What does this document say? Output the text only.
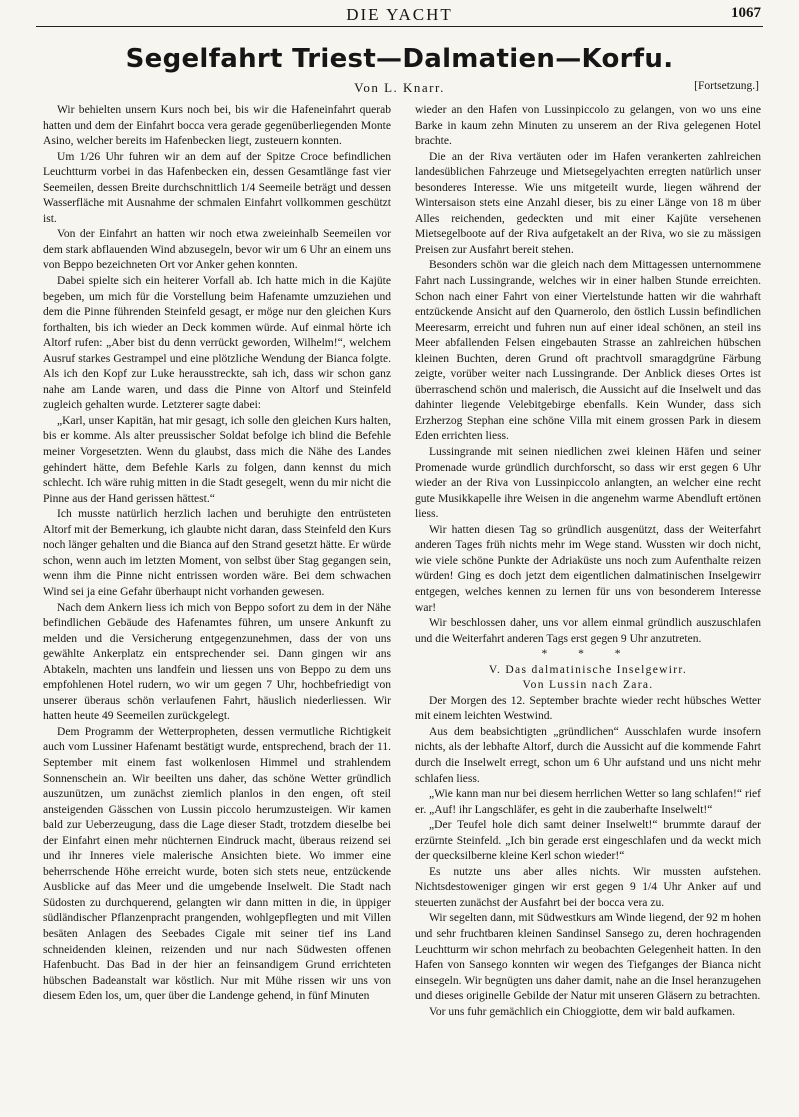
DIE YACHT	1067
Segelfahrt Triest—Dalmatien—Korfu.
Von L. Knarr.	[Fortsetzung.]

Wir behielten unsern Kurs noch bei, bis wir die Hafeneinfahrt querab hatten und dem der Einfahrt bocca vera gerade gegenüberliegenden Monte Asino, welcher bereits im Hafenbecken liegt, zusteuern konnten.

Um 1/26 Uhr fuhren wir an dem auf der Spitze Croce befindlichen Leuchtturm vorbei in das Hafenbecken ein, dessen Gesamtlänge fast vier Seemeilen, dessen Breite durchschnittlich 1/4 Seemeile beträgt und dessen Wasserfläche mit Ausnahme der schmalen Einfahrt vollkommen geschützt ist.

Von der Einfahrt an hatten wir noch etwa zweieinhalb Seemeilen vor dem stark abflauenden Wind abzusegeln, bevor wir um 6 Uhr an einem uns von Beppo bezeichneten Ort vor Anker gehen konnten.

Dabei spielte sich ein heiterer Vorfall ab. Ich hatte mich in die Kajüte begeben, um mich für die Vorstellung beim Hafenamte umzuziehen und dem die Pinne führenden Steinfeld gesagt, er möge nur den gleichen Kurs forthalten, bis ich wieder an Deck kommen würde. Auf einmal hörte ich Altorf rufen: „Aber bist du denn verrückt geworden, Wilhelm!“, welchem Ausruf starkes Gestrampel und eine plötzliche Wendung der Bianca folgte. Als ich den Kopf zur Luke herausstreckte, sah ich, dass wir schon ganz nahe am Lande waren, und dass die Pinne von Altorf und Steinfeld zugleich gehalten wurde. Letzterer sagte dabei:

„Karl, unser Kapitän, hat mir gesagt, ich solle den gleichen Kurs halten, bis er komme. Als alter preussischer Soldat befolge ich blind die Befehle meiner Vorgesetzten. Wenn du glaubst, dass mich die Nähe des Landes gehindert hätte, dem Befehle Karls zu folgen, dann kennst du mich schlecht. Ich wäre ruhig mitten in die Stadt gesegelt, wenn du mir nicht die Pinne aus der Hand gerissen hättest.“

Ich musste natürlich herzlich lachen und beruhigte den entrüsteten Altorf mit der Bemerkung, ich glaubte nicht daran, dass Steinfeld den Kurs noch länger gehalten und die Bianca auf den Strand gesetzt hätte. Er würde schon, wenn auch im letzten Moment, von selbst über Stag gegangen sein, wenn ihm die Pinne nicht entrissen worden wäre. Bei dem schwachen Wind sei ja eine Gefahr überhaupt nicht vorhanden gewesen.

Nach dem Ankern liess ich mich von Beppo sofort zu dem in der Nähe befindlichen Gebäude des Hafenamtes führen, um unsere Ankunft zu melden und die Versicherung entgegenzunehmen, dass der von uns gewählte Ankerplatz ein entsprechender sei. Dann gingen wir ans Abtakeln, machten uns landfein und liessen uns von Beppo zu dem uns empfohlenen Hotel rudern, wo wir um gegen 7 Uhr, hochbefriedigt von unserer überaus schön verlaufenen Fahrt, häuslich niederliessen. Wir hatten heute 49 Seemeilen zurückgelegt.

Dem Programm der Wetterpropheten, dessen vermutliche Richtigkeit auch vom Lussiner Hafenamt bestätigt wurde, entsprechend, brach der 11. September mit einem fast wolkenlosen Himmel und strahlendem Sonnenschein an. Wir beeilten uns daher, das schöne Wetter gründlich auszunützen, um zunächst ziemlich planlos in den engen, oft steil ansteigenden Gässchen von Lussin piccolo herumzusteigen. Wir kamen bald zur Ueberzeugung, dass die Lage dieser Stadt, trotzdem dieselbe bei der Einfahrt einen mehr nüchternen Eindruck macht, überaus reizend sei und ihr Inneres viele malerische Ansichten biete. Wo immer eine beherrschende Höhe erreicht wurde, boten sich stets neue, entzückende Ausblicke auf das Meer und die umgebende Inselwelt. Die Stadt nach Südosten zu durchquerend, gelangten wir dann mitten in die, in üppiger südländischer Pflanzenpracht prangenden, wohlgepflegten und mit Villen besäten Anlagen des Seebades Cigale mit seiner tief ins Land schneidenden kleinen, reizenden und nur nach Südwesten offenen Hafenbucht. Das Bad in der hier an feinsandigem Grund errichteten hübschen Badeanstalt war köstlich. Nur mit Mühe rissen wir uns von diesem Eden los, um, quer über die Landenge gehend, in fünf Minuten

wieder an den Hafen von Lussinpiccolo zu gelangen, von wo uns eine Barke in kaum zehn Minuten zu unserem an der Riva gelegenen Hotel brachte.

Die an der Riva vertäuten oder im Hafen verankerten zahlreichen landesüblichen Fahrzeuge und Mietsegelyachten erregten natürlich unser besonderes Interesse. Wie uns mitgeteilt wurde, liegen während der Wintersaison stets eine Anzahl dieser, bis zu einer Länge von 18 m über Alles reichenden, gedeckten und mit einer Kajüte versehenen Mietsegelboote auf der Riva aufgetakelt an der Riva, wo sie zu mässigen Preisen zur Ausfahrt bereit stehen.

Besonders schön war die gleich nach dem Mittagessen unternommene Fahrt nach Lussingrande, welches wir in einer halben Stunde erreichten. Schon nach einer Fahrt von einer Viertelstunde hatten wir die wahrhaft entzückende Ansicht auf den Quarnerolo, den östlich Lussin befindlichen Meeresarm, erreicht und fuhren nun auf einer ideal schönen, an steil ins Meer abfallenden Felsen eingebauten Strasse an zahlreichen hübschen kleinen Buchten, deren Grund oft prachtvoll smaragdgrüne Färbung zeigte, vorüber weiter nach Lussingrande. Der Anblick dieses Ortes ist überraschend schön und malerisch, die Aussicht auf die Inselwelt und das dahinter liegende Velebitgebirge ebenfalls. Kein Wunder, dass sich Erzherzog Stephan eine schöne Villa mit einem grossen Park in diesem Eden errichten liess.

Lussingrande mit seinen niedlichen zwei kleinen Häfen und seiner Promenade wurde gründlich durchforscht, so dass wir erst gegen 6 Uhr wieder an der Riva von Lussinpiccolo anlangten, an welcher eine recht gute Musikkapelle ihre Weisen in die angenehm warme Abendluft ertönen liess.

Wir hatten diesen Tag so gründlich ausgenützt, dass der Weiterfahrt anderen Tages früh nichts mehr im Wege stand. Wussten wir doch nicht, wie viele schöne Punkte der Adriaküste uns noch zum Aufenthalte reizen würden! Ging es doch jetzt dem eigentlichen dalmatinischen Inselgewirr entgegen, welches kennen zu lernen für uns von besonderem Interesse war!

Wir beschlossen daher, uns vor allem einmal gründlich auszuschlafen und die Weiterfahrt anderen Tags erst gegen 9 Uhr anzutreten.

* * *

V. Das dalmatinische Inselgewirr.

Von Lussin nach Zara.

Der Morgen des 12. September brachte wieder recht hübsches Wetter mit einem leichten Westwind.

Aus dem beabsichtigten „gründlichen“ Ausschlafen wurde insofern nichts, als der lebhafte Altorf, durch die Aussicht auf die kommende Fahrt durch die Inselwelt erregt, schon um 6 Uhr aufstand und uns nicht mehr schlafen liess.

„Wie kann man nur bei diesem herrlichen Wetter so lang schlafen!“ rief er. „Auf! ihr Langschläfer, es geht in die zauberhafte Inselwelt!“

„Der Teufel hole dich samt deiner Inselwelt!“ brummte darauf der erzürnte Steinfeld. „Ich bin gerade erst eingeschlafen und da weckt mich der quecksilberne kleine Kerl schon wieder!“

Es nutzte uns aber alles nichts. Wir mussten aufstehen. Nichtsdestoweniger gingen wir erst gegen 9 1/4 Uhr Anker auf und steuerten zunächst der Ausfahrt bei der bocca vera zu.

Wir segelten dann, mit Südwestkurs am Winde liegend, der 92 m hohen und sehr fruchtbaren kleinen Sandinsel Sansego zu, deren hochragenden Leuchtturm wir schon mehrfach zu beobachten Gelegenheit hatten. In den Hafen von Sansego konnten wir wegen des Tiefganges der Bianca nicht einsegeln. Wir begnügten uns daher damit, nahe an die Insel heranzugehen und dieses originelle Gebilde der Natur mit unseren Gläsern zu betrachten.

Vor uns fuhr gemächlich ein Chioggiotte, dem wir bald aufkamen.
